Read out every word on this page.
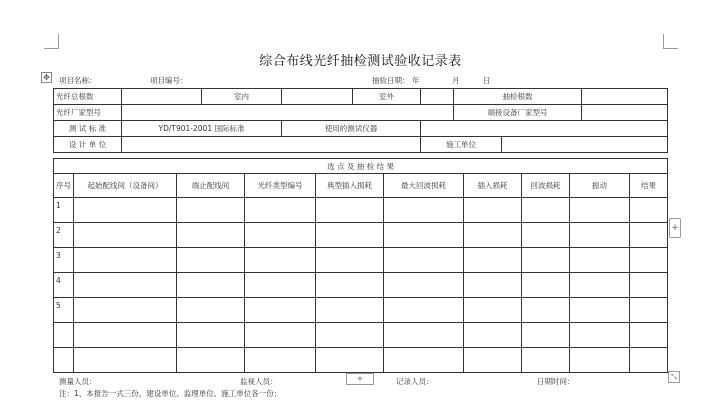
综合布线光纤抽检测试验收记录表
✥ 项目名称：	项目编号：	抽验日期： 年	月	日
光纤总根数		室内		室外		抽检根数		
光纤厂家型号						端接设备厂家型号		
测 试 标 准	YD/T901-2001 国际标准		使用的测试仪器					
设 计 单 位					施工单位			
选 点 及 抽 检 结 果									
序号	起始配线间（设备间）	端止配线间	光纤类型编号	典型插入损耗	最大回波损耗	插入损耗	回波损耗	振动	结果
1									
2									
3									
4									
5									

+
+	⤡
测量人员：	监视人员：	记录人员：	日期时间：
注：1、本报告一式三份，建设单位、监理单位、施工单位各一份；
